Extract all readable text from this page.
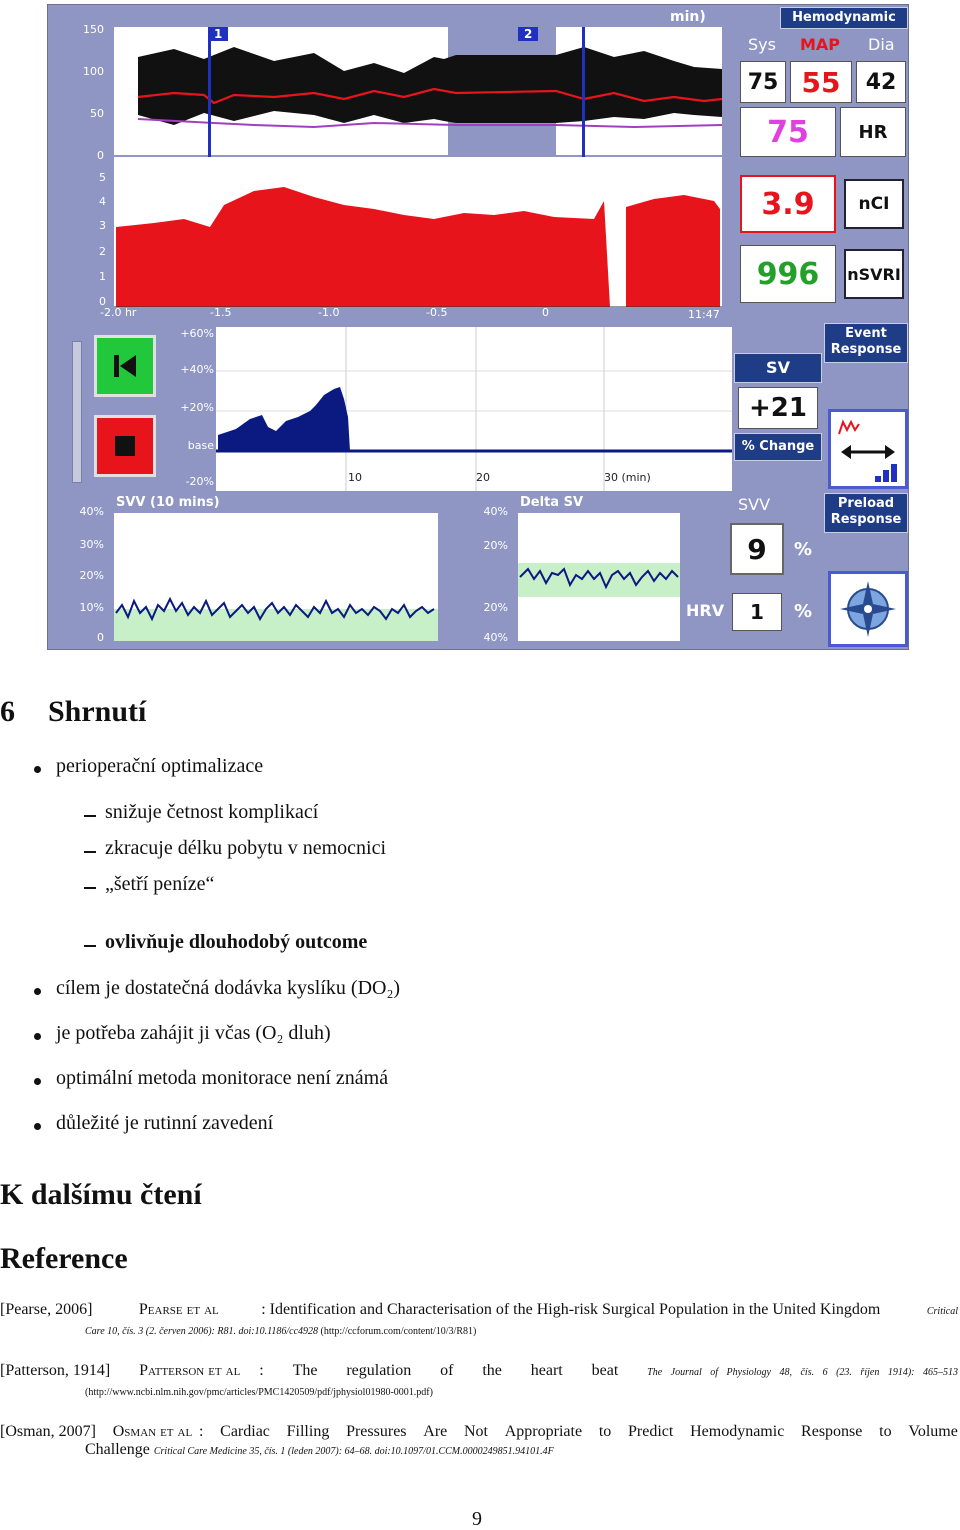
min)
150
100
50
0
1	2
nCI (l/min/m²)	nCI (2 min)
5
4
3
2
1
0
-2.0 hr	-1.5	-1.0	-0.5	0	11:47
Hemodynamic
Sys MAP Dia
75 55	42
75	HR
3.9	nCI
996	nSVRI
+60%
+40%
+20%
base
-20%	10	20	30 (min)
SV
+21
% Change
Event
Response
SVV (10 mins)
40%
30%
20%
10%
0
Delta SV
40%
20%
20%
40%
SVV
9	%
HRV	1	%
Preload
Response
6 Shrnutí
perioperační optimalizace
snižuje četnost komplikací
zkracuje délku pobytu v nemocnici
„šetří peníze“
ovlivňuje dlouhodobý outcome
cílem je dostatečná dodávka kyslíku (DO₂)
je potřeba zahájit ji včas (O₂ dluh)
optimální metoda monitorace není známá
důležité je rutinní zavedení
K dalšímu čtení
Reference
[Pearse, 2006]	Pearse et al	: Identification and Characterisation of the High-risk Surgical Population in the United Kingdom	Critical
Care 10, čís. 3 (2. červen 2006): R81. doi:10.1186/cc4928 (http://ccforum.com/content/10/3/R81)
[Patterson, 1914] Patterson et al : The regulation of the heart beat	The Journal of Physiology 48, čís. 6 (23. říjen 1914): 465–513
(http://www.ncbi.nlm.nih.gov/pmc/articles/PMC1420509/pdf/jphysiol01980-0001.pdf)
[Osman, 2007] Osman et al : Cardiac Filling Pressures Are Not Appropriate to Predict Hemodynamic Response to Volume
Challenge Critical Care Medicine 35, čís. 1 (leden 2007): 64–68. doi:10.1097/01.CCM.0000249851.94101.4F
9
